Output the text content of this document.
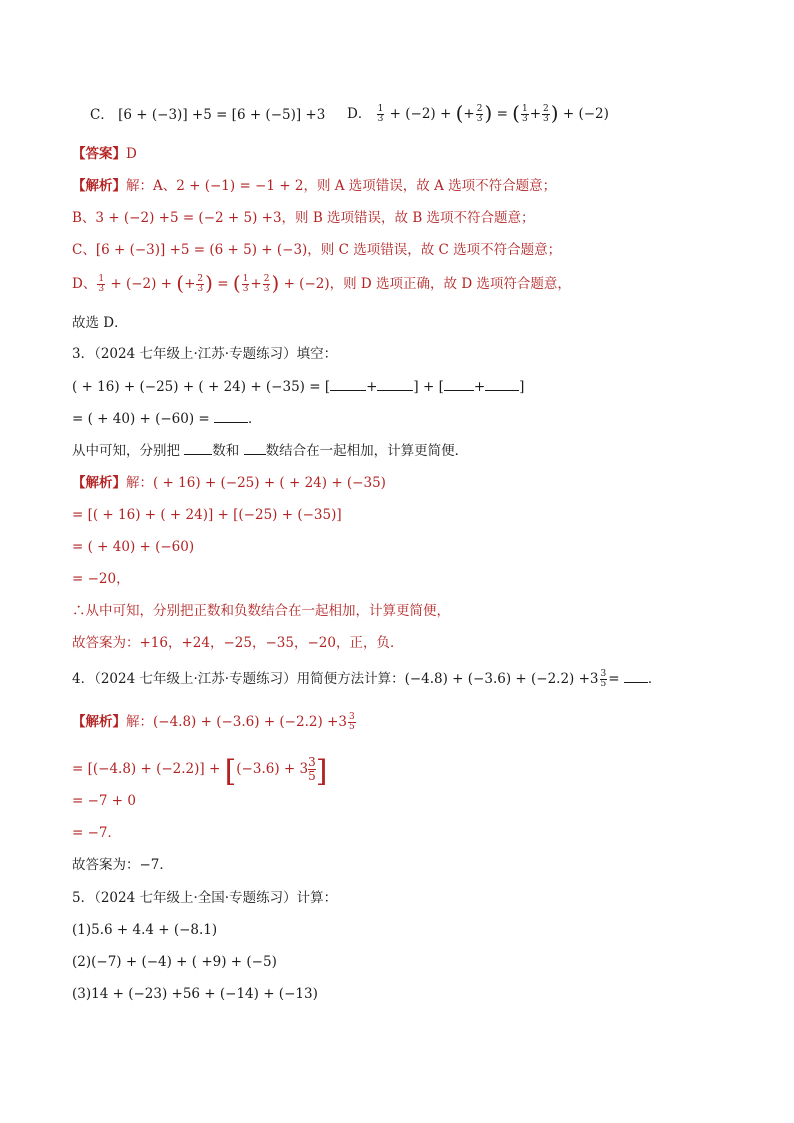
C． [6 + (−3)] +5 = [6 + (−5)] +3 D． $\frac{1}{3} + (-2)$ + (+ $\frac{2}{3}$ ) = ( $\frac{1}{3} + \frac{2}{3}$ ) + (−2)
【答案】D
【解析】解：A、2 + (−1) = −1 + 2，则 A 选项错误，故 A 选项不符合题意；
B、3 + (−2) +5 = (−2 + 5) +3，则 B 选项错误，故 B 选项不符合题意；
C、[6 + (−3)] +5 = (6 + 5) + (−3)，则 C 选项错误，故 C 选项不符合题意；
D、 $\frac{1}{3} + (-2)$ + (+ $\frac{2}{3}$ ) = ( $\frac{1}{3} + \frac{2}{3}$ ) + (−2)，则 D 选项正确，故 D 选项符合题意，
故选 D．
3．（2024 七年级上·江苏·专题练习）填空：
( + 16) + (−25) + ( + 24) + (−35) = [	+	] + [ +	]
= ( + 40) + (−60) =	．
从中可知，分别把 数和 数结合在一起相加，计算更简便．
【解析】解：( + 16) + (−25) + ( + 24) + (−35)
= [( + 16) + ( + 24)] + [(−25) + (−35)]
= ( + 40) + (−60)
= −20，
∴从中可知，分别把正数和负数结合在一起相加，计算更简便，
故答案为：+16，+24，−25，−35，−20，正，负．
4．（2024 七年级上·江苏·专题练习）用简便方法计算：$(-4.8) + (-3.6) + (-2.2) +3 \frac{3}{5}$ = ．
【解析】解：$(-4.8) + (-3.6) + (-2.2) +3 \frac{3}{5}$
= $[(-4.8) + (-2.2)] + [(-3.6) + 3 \frac{3}{5}$ ]
= −7 + 0
= −7．
故答案为：−7．
5．（2024 七年级上·全国·专题练习）计算：
(1)5.6 + 4.4 + (−8.1)
(2)(−7) + (−4) + ( +9) + (−5)
(3)14 + (−23) +56 + (−14) + (−13)
